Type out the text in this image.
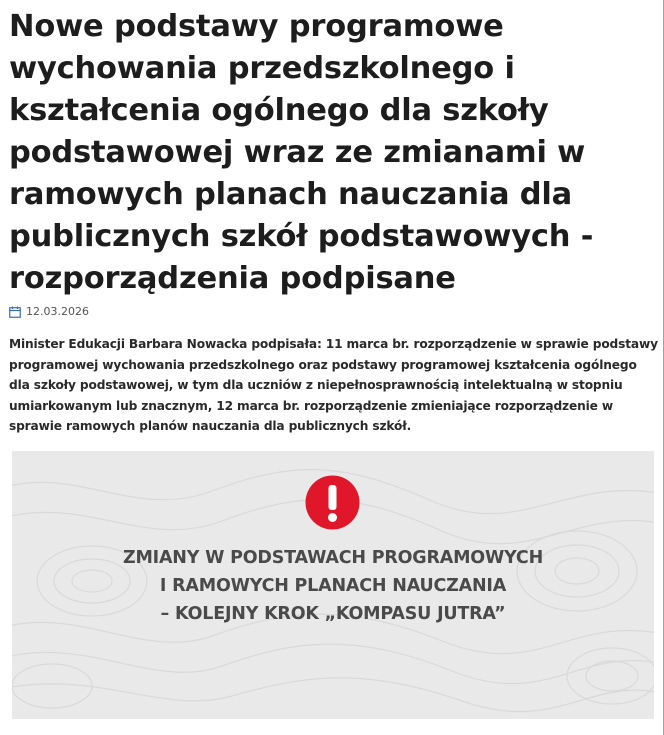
Nowe podstawy programowe wychowania przedszkolnego i kształcenia ogólnego dla szkoły podstawowej wraz ze zmianami w ramowych planach nauczania dla publicznych szkół podstawowych - rozporządzenia podpisane
12.03.2026

Minister Edukacji Barbara Nowacka podpisała: 11 marca br. rozporządzenie w sprawie podstawy programowej wychowania przedszkolnego oraz podstawy programowej kształcenia ogólnego dla szkoły podstawowej, w tym dla uczniów z niepełnosprawnością intelektualną w stopniu umiarkowanym lub znacznym, 12 marca br. rozporządzenie zmieniające rozporządzenie w sprawie ramowych planów nauczania dla publicznych szkół.

ZMIANY W PODSTAWACH PROGRAMOWYCH
I RAMOWYCH PLANACH NAUCZANIA
– KOLEJNY KROK „KOMPASU JUTRA”
